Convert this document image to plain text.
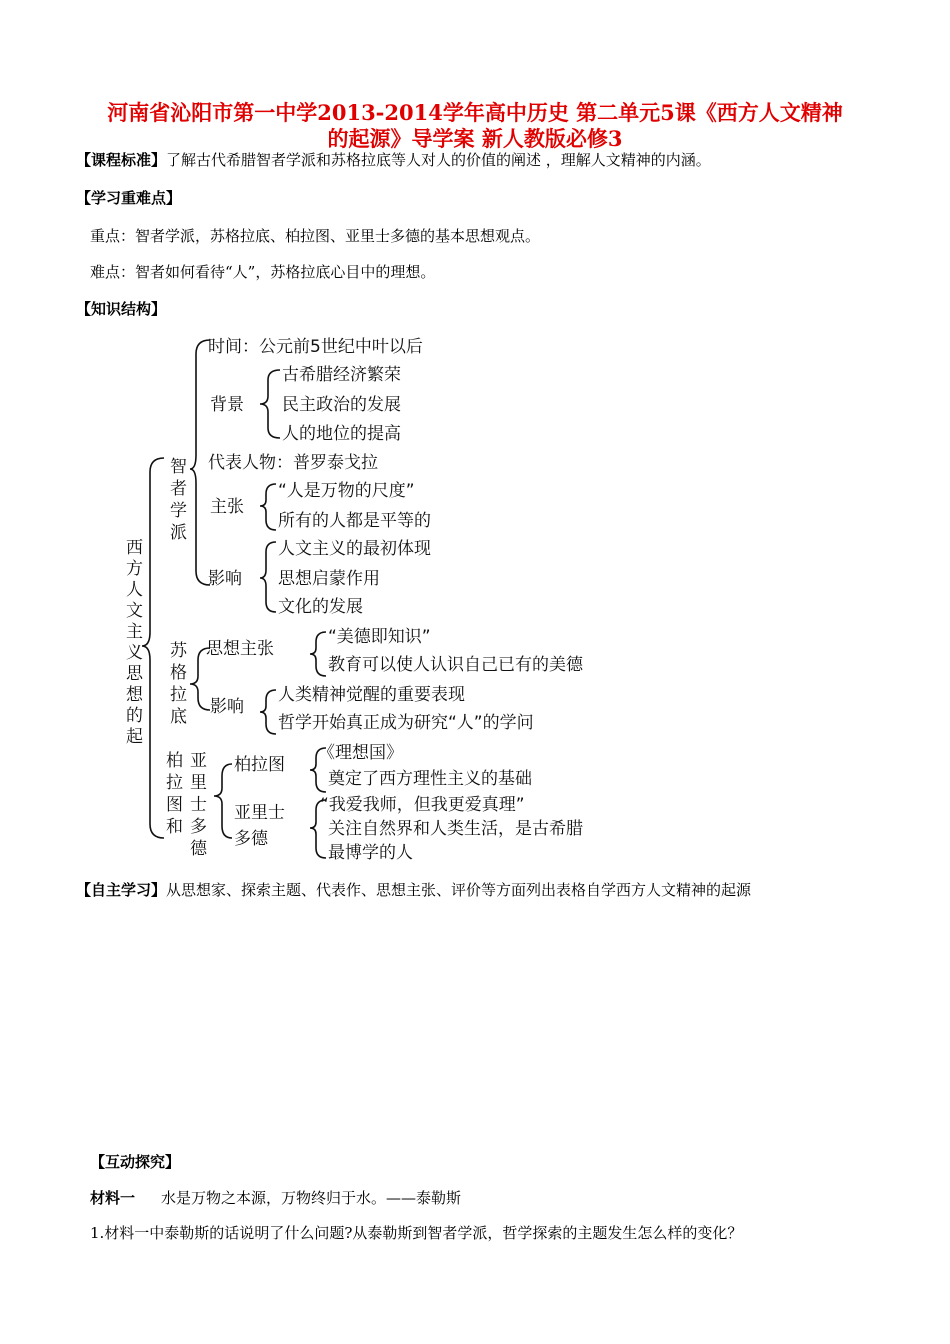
河南省沁阳市第一中学2013-2014学年高中历史 第二单元5课《西方人文精神
的起源》导学案 新人教版必修3
【课程标准】了解古代希腊智者学派和苏格拉底等人对人的价值的阐述 ，理解人文精神的内涵。
【学习重难点】
重点：智者学派，苏格拉底、柏拉图、亚里士多德的基本思想观点。
难点：智者如何看待“人”，苏格拉底心目中的理想。
【知识结构】
西
方
人
文
主
义
思
想
的
起
智
者
学
派
时间：公元前5世纪中叶以后
背景
古希腊经济繁荣
民主政治的发展
人的地位的提高
代表人物：普罗泰戈拉
主张
“人是万物的尺度”
所有的人都是平等的
影响
人文主义的最初体现
思想启蒙作用
文化的发展
苏
格
拉
底
思想主张
“美德即知识”
教育可以使人认识自己已有的美德
影响
人类精神觉醒的重要表现
哲学开始真正成为研究“人”的学问
柏
拉
图
和
亚
里
士
多
德
柏拉图
《理想国》
奠定了西方理性主义的基础
亚里士
多德
“我爱我师，但我更爱真理”
关注自然界和人类生活，是古希腊
最博学的人
【自主学习】从思想家、探索主题、代表作、思想主张、评价等方面列出表格自学西方人文精神的起源
【互动探究】
材料一 水是万物之本源，万物终归于水。——泰勒斯
1.材料一中泰勒斯的话说明了什么问题?从泰勒斯到智者学派，哲学探索的主题发生怎么样的变化？
